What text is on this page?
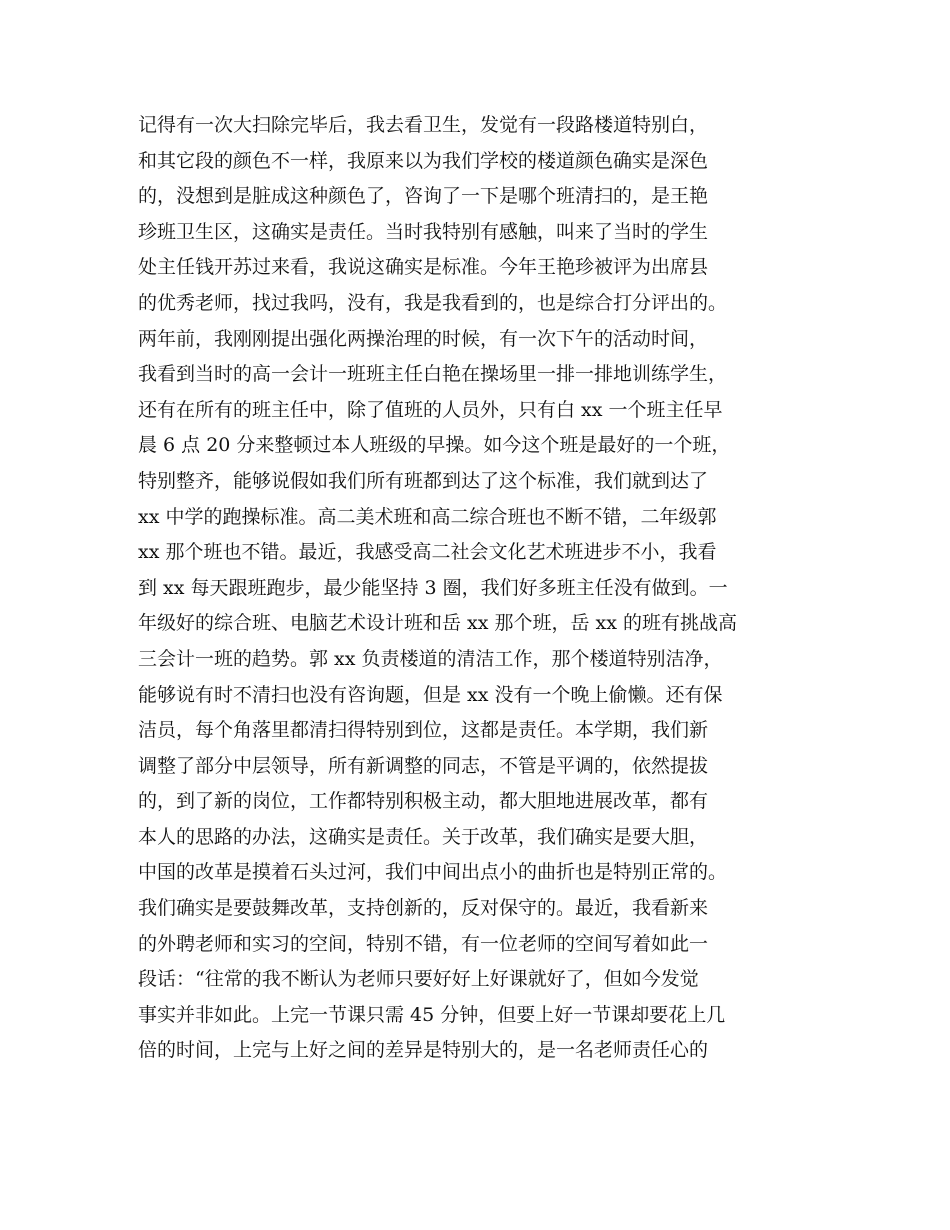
记得有一次大扫除完毕后，我去看卫生，发觉有一段路楼道特别白，
和其它段的颜色不一样，我原来以为我们学校的楼道颜色确实是深色
的，没想到是脏成这种颜色了，咨询了一下是哪个班清扫的，是王艳
珍班卫生区，这确实是责任。当时我特别有感触，叫来了当时的学生
处主任钱开苏过来看，我说这确实是标准。今年王艳珍被评为出席县
的优秀老师，找过我吗，没有，我是我看到的，也是综合打分评出的。
两年前，我刚刚提出强化两操治理的时候，有一次下午的活动时间，
我看到当时的高一会计一班班主任白艳在操场里一排一排地训练学生，
还有在所有的班主任中，除了值班的人员外，只有白 xx 一个班主任早
晨 6 点 20 分来整顿过本人班级的早操。如今这个班是最好的一个班，
特别整齐，能够说假如我们所有班都到达了这个标准，我们就到达了
xx 中学的跑操标准。高二美术班和高二综合班也不断不错，二年级郭
xx 那个班也不错。最近，我感受高二社会文化艺术班进步不小，我看
到 xx 每天跟班跑步，最少能坚持 3 圈，我们好多班主任没有做到。一
年级好的综合班、电脑艺术设计班和岳 xx 那个班，岳 xx 的班有挑战高
三会计一班的趋势。郭 xx 负责楼道的清洁工作，那个楼道特别洁净，
能够说有时不清扫也没有咨询题，但是 xx 没有一个晚上偷懒。还有保
洁员，每个角落里都清扫得特别到位，这都是责任。本学期，我们新
调整了部分中层领导，所有新调整的同志，不管是平调的，依然提拔
的，到了新的岗位，工作都特别积极主动，都大胆地进展改革，都有
本人的思路的办法，这确实是责任。关于改革，我们确实是要大胆，
中国的改革是摸着石头过河，我们中间出点小的曲折也是特别正常的。
我们确实是要鼓舞改革，支持创新的，反对保守的。最近，我看新来
的外聘老师和实习的空间，特别不错，有一位老师的空间写着如此一
段话：“往常的我不断认为老师只要好好上好课就好了，但如今发觉
事实并非如此。上完一节课只需 45 分钟，但要上好一节课却要花上几
倍的时间，上完与上好之间的差异是特别大的，是一名老师责任心的
